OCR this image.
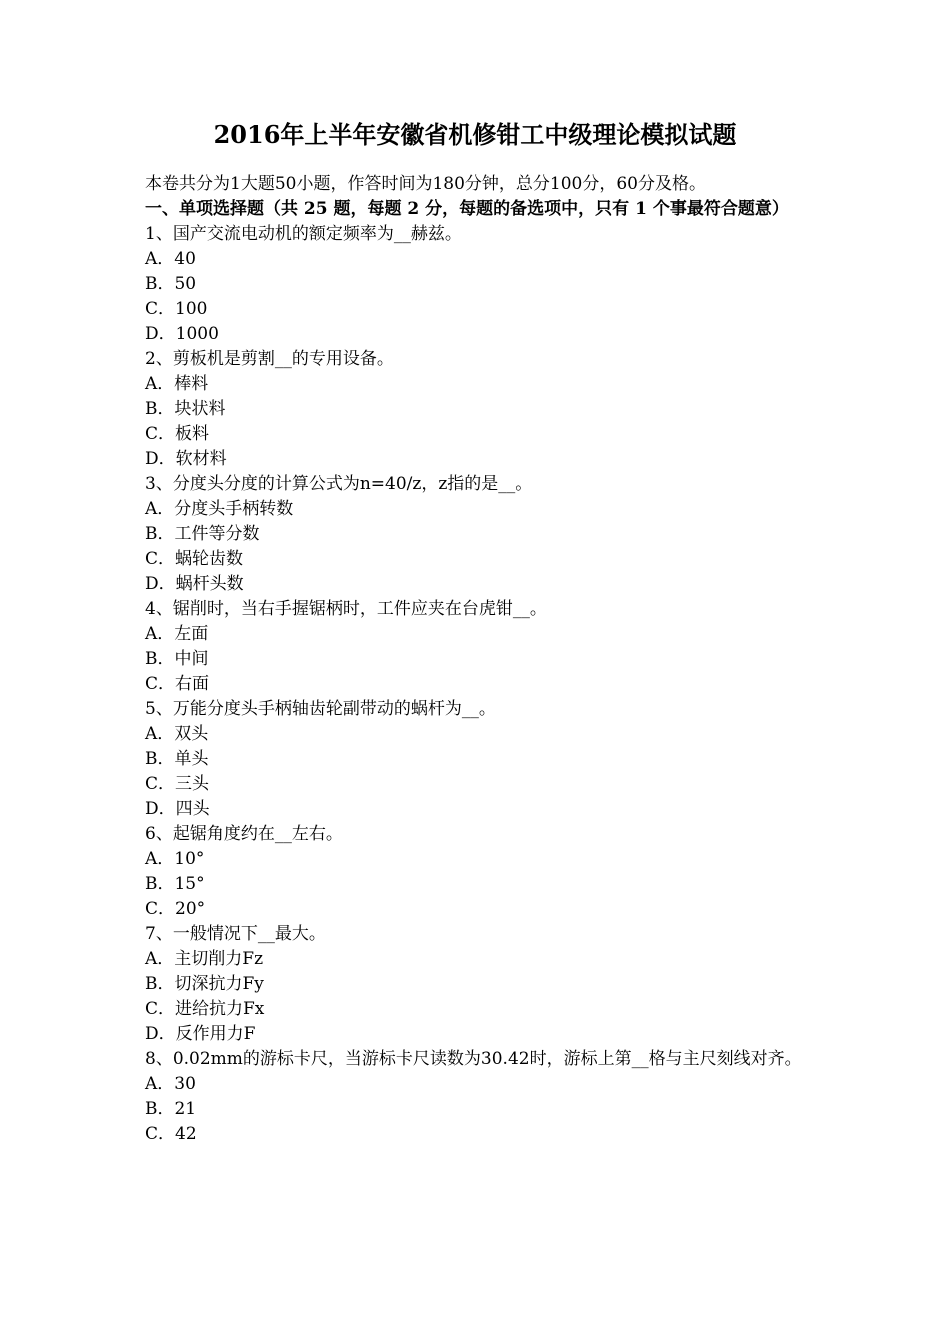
2016年上半年安徽省机修钳工中级理论模拟试题
本卷共分为1大题50小题，作答时间为180分钟，总分100分，60分及格。
一、单项选择题（共 25 题，每题 2 分，每题的备选项中，只有 1 个事最符合题意）
1、国产交流电动机的额定频率为__赫兹。
A．40
B．50
C．100
D．1000
2、剪板机是剪割__的专用设备。
A．棒料
B．块状料
C．板料
D．软材料
3、分度头分度的计算公式为n=40/z，z指的是__。
A．分度头手柄转数
B．工件等分数
C．蜗轮齿数
D．蜗杆头数
4、锯削时，当右手握锯柄时，工件应夹在台虎钳__。
A．左面
B．中间
C．右面
5、万能分度头手柄轴齿轮副带动的蜗杆为__。
A．双头
B．单头
C．三头
D．四头
6、起锯角度约在__左右。
A．10°
B．15°
C．20°
7、一般情况下__最大。
A．主切削力Fz
B．切深抗力Fy
C．进给抗力Fx
D．反作用力F
8、0.02mm的游标卡尺，当游标卡尺读数为30.42时，游标上第__格与主尺刻线对齐。
A．30
B．21
C．42
